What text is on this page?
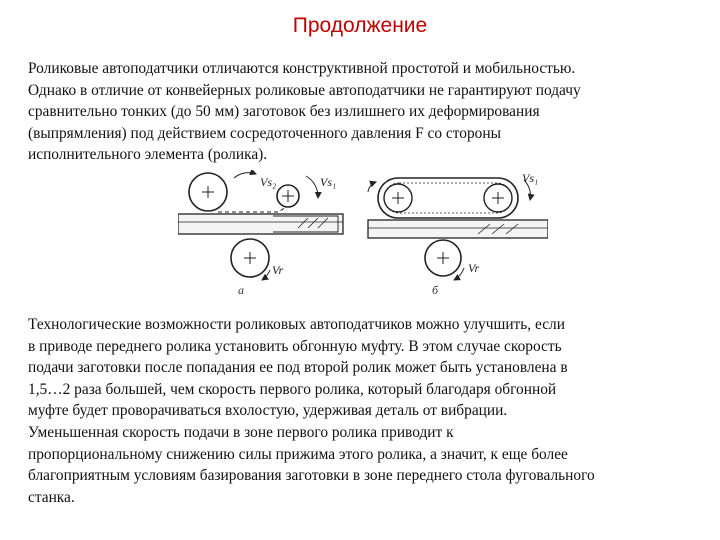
Продолжение

Роликовые автоподатчики отличаются конструктивной простотой и мобильностью.
Однако в отличие от конвейерных роликовые автоподатчики не гарантируют подачу
сравнительно тонких (до 50 мм) заготовок без излишнего их деформирования
(выпрямления) под действием сосредоточенного давления F со стороны
исполнительного элемента (ролика).

Vs₂	Vs₁
Vr
а
Vs₁
Vr
б

Технологические возможности роликовых автоподатчиков можно улучшить, если
в приводе переднего ролика установить обгонную муфту. В этом случае скорость
подачи заготовки после попадания ее под второй ролик может быть установлена в
1,5…2 раза большей, чем скорость первого ролика, который благодаря обгонной
муфте будет проворачиваться вхолостую, удерживая деталь от вибрации.

Уменьшенная скорость подачи в зоне первого ролика приводит к
пропорциональному снижению силы прижима этого ролика, а значит, к еще более
благоприятным условиям базирования заготовки в зоне переднего стола фуговального
станка.
